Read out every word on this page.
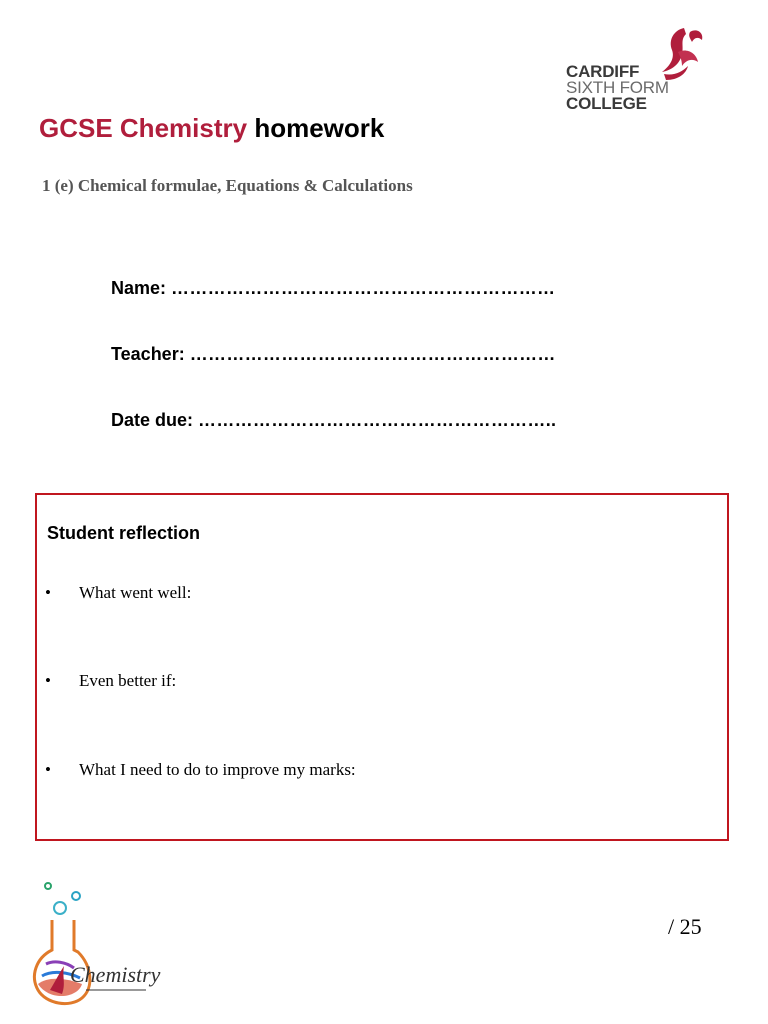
CARDIFF
SIXTH FORM
COLLEGE
GCSE Chemistry homework

1 (e) Chemical formulae, Equations & Calculations

Name: ………………………………………………………
Teacher: ……………………………………………………
Date due: …………………………………………………..
Student reflection
•	What went well:
•	Even better if:
•	What I need to do to improve my marks:
Chemistry
/ 25
